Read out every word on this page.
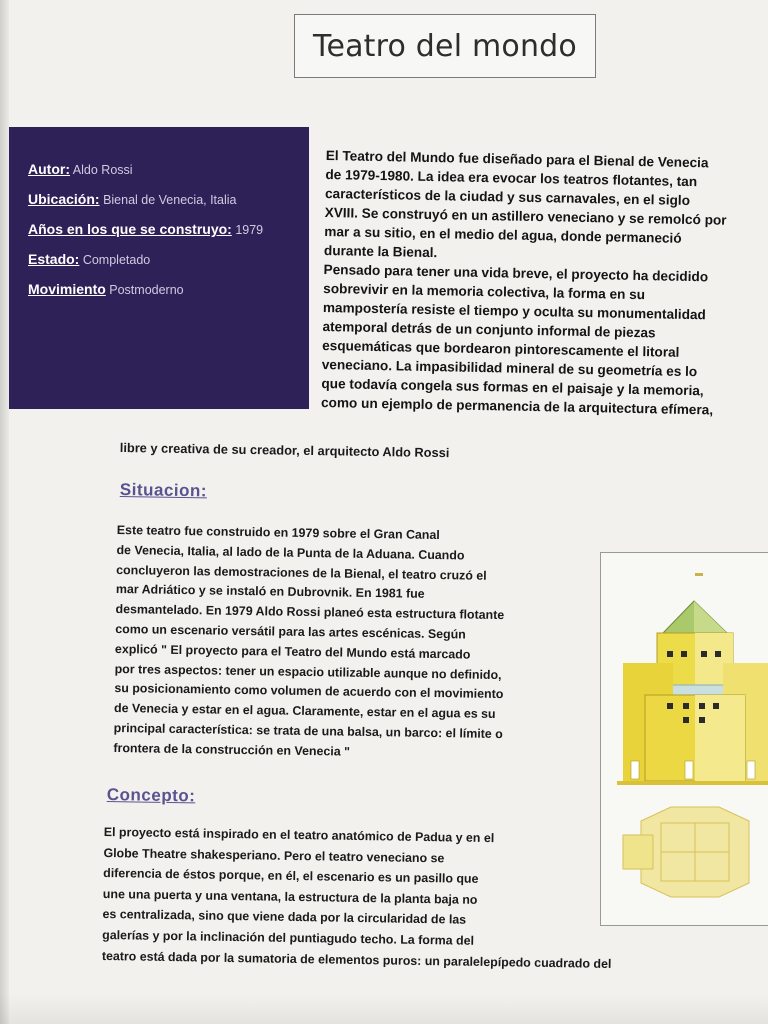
Teatro del mondo
Autor: Aldo Rossi
Ubicación: Bienal de Venecia, Italia
Años en los que se construyo: 1979
Estado: Completado
Movimiento Postmoderno
El Teatro del Mundo fue diseñado para el Bienal de Venecia
de 1979-1980. La idea era evocar los teatros flotantes, tan
característicos de la ciudad y sus carnavales, en el siglo
XVIII. Se construyó en un astillero veneciano y se remolcó por
mar a su sitio, en el medio del agua, donde permaneció
durante la Bienal.
Pensado para tener una vida breve, el proyecto ha decidido
sobrevivir en la memoria colectiva, la forma en su
mampostería resiste el tiempo y oculta su monumentalidad
atemporal detrás de un conjunto informal de piezas
esquemáticas que bordearon pintorescamente el litoral
veneciano. La impasibilidad mineral de su geometría es lo
que todavía congela sus formas en el paisaje y la memoria,
como un ejemplo de permanencia de la arquitectura efímera,
libre y creativa de su creador, el arquitecto Aldo Rossi
Situacion:
Este teatro fue construido en 1979 sobre el Gran Canal
de Venecia, Italia, al lado de la Punta de la Aduana. Cuando
concluyeron las demostraciones de la Bienal, el teatro cruzó el
mar Adriático y se instaló en Dubrovnik. En 1981 fue
desmantelado. En 1979 Aldo Rossi planeó esta estructura flotante
como un escenario versátil para las artes escénicas. Según
explicó " El proyecto para el Teatro del Mundo está marcado
por tres aspectos: tener un espacio utilizable aunque no definido,
su posicionamiento como volumen de acuerdo con el movimiento
de Venecia y estar en el agua. Claramente, estar en el agua es su
principal característica: se trata de una balsa, un barco: el límite o
frontera de la construcción en Venecia "
Concepto:
El proyecto está inspirado en el teatro anatómico de Padua y en el
Globe Theatre shakesperiano. Pero el teatro veneciano se
diferencia de éstos porque, en él, el escenario es un pasillo que
une una puerta y una ventana, la estructura de la planta baja no
es centralizada, sino que viene dada por la circularidad de las
galerías y por la inclinación del puntiagudo techo. La forma del
teatro está dada por la sumatoria de elementos puros: un paralelepípedo cuadrado del
